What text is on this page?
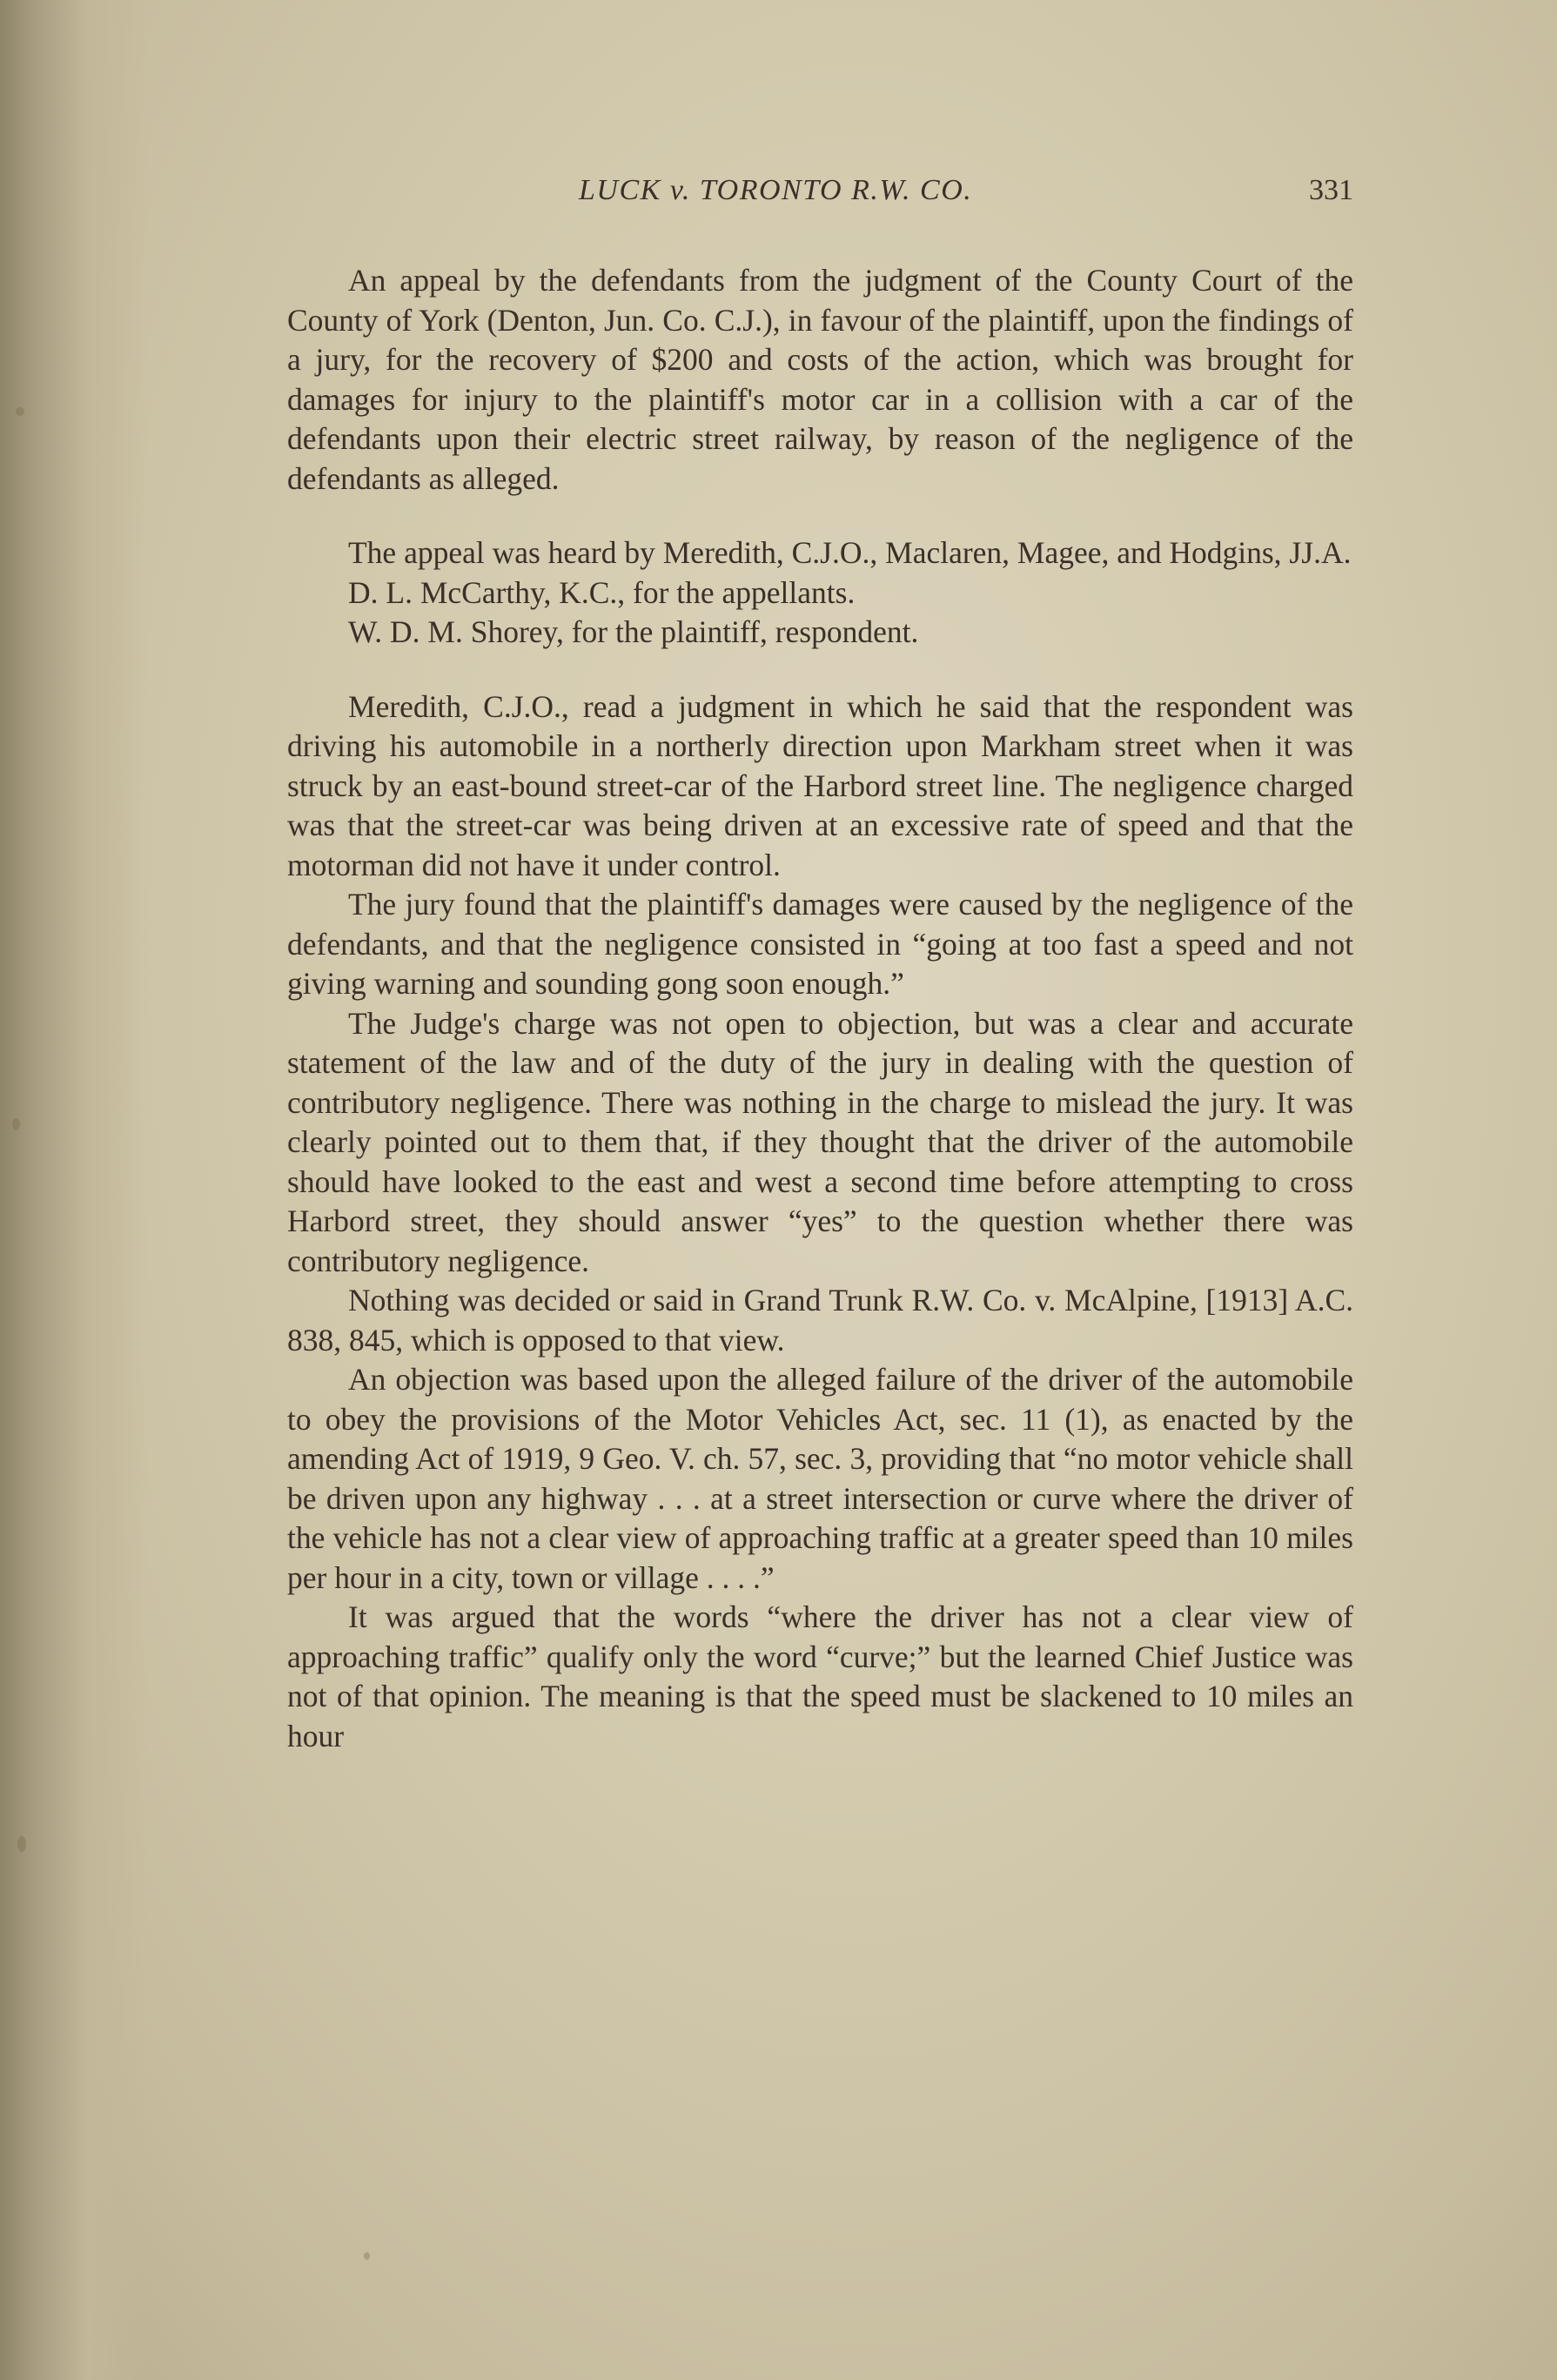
LUCK v. TORONTO R.W. CO.	331

An appeal by the defendants from the judgment of the County Court of the County of York (Denton, Jun. Co. C.J.), in favour of the plaintiff, upon the findings of a jury, for the recovery of $200 and costs of the action, which was brought for damages for injury to the plaintiff's motor car in a collision with a car of the defendants upon their electric street railway, by reason of the negligence of the defendants as alleged.

The appeal was heard by Meredith, C.J.O., Maclaren, Magee, and Hodgins, JJ.A.

D. L. McCarthy, K.C., for the appellants.

W. D. M. Shorey, for the plaintiff, respondent.

Meredith, C.J.O., read a judgment in which he said that the respondent was driving his automobile in a northerly direction upon Markham street when it was struck by an east-bound street-car of the Harbord street line. The negligence charged was that the street-car was being driven at an excessive rate of speed and that the motorman did not have it under control.

The jury found that the plaintiff's damages were caused by the negligence of the defendants, and that the negligence consisted in “going at too fast a speed and not giving warning and sounding gong soon enough.”

The Judge's charge was not open to objection, but was a clear and accurate statement of the law and of the duty of the jury in dealing with the question of contributory negligence. There was nothing in the charge to mislead the jury. It was clearly pointed out to them that, if they thought that the driver of the automobile should have looked to the east and west a second time before attempting to cross Harbord street, they should answer “yes” to the question whether there was contributory negligence.

Nothing was decided or said in Grand Trunk R.W. Co. v. McAlpine, [1913] A.C. 838, 845, which is opposed to that view.

An objection was based upon the alleged failure of the driver of the automobile to obey the provisions of the Motor Vehicles Act, sec. 11 (1), as enacted by the amending Act of 1919, 9 Geo. V. ch. 57, sec. 3, providing that “no motor vehicle shall be driven upon any highway . . . at a street intersection or curve where the driver of the vehicle has not a clear view of approaching traffic at a greater speed than 10 miles per hour in a city, town or village . . . .”

It was argued that the words “where the driver has not a clear view of approaching traffic” qualify only the word “curve;” but the learned Chief Justice was not of that opinion. The meaning is that the speed must be slackened to 10 miles an hour
